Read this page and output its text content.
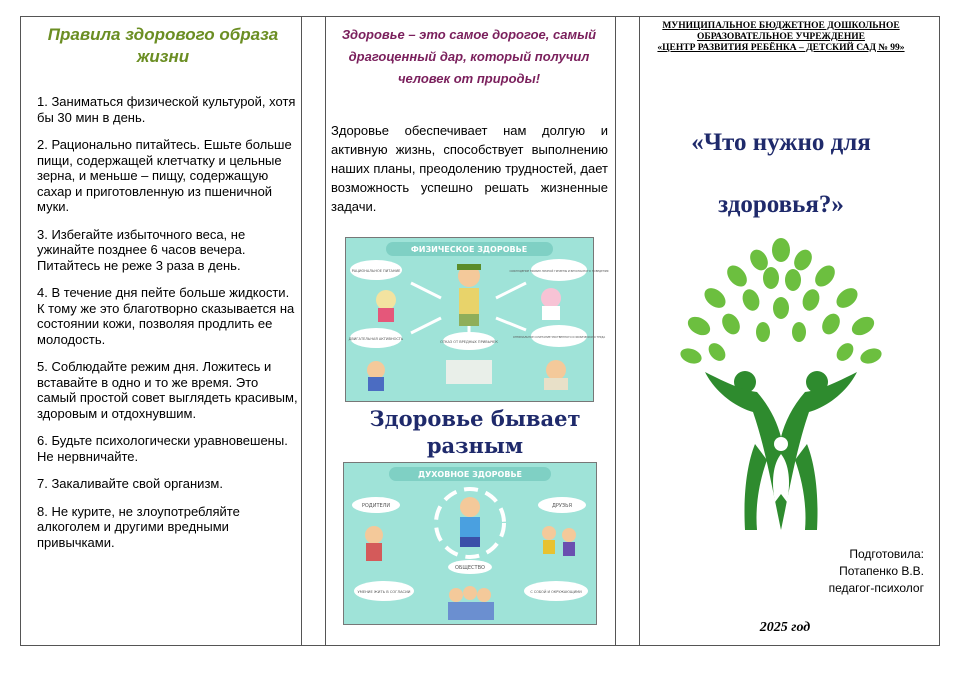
Правила здорового образа жизни

1. Заниматься физической культурой, хотя бы 30 мин в день.

2. Рационально питайтесь. Ешьте больше пищи, содержащей клетчатку и цельные зерна, и меньше – пищу, содержащую сахар и приготовленную из пшеничной муки.

3. Избегайте избыточного веса, не ужинайте позднее 6 часов вечера. Питайтесь не реже 3 раза в день.

4. В течение дня пейте больше жидкости. К тому же это благотворно сказывается на состоянии кожи, позволяя продлить ее молодость.

5. Соблюдайте режим дня. Ложитесь и вставайте в одно и то же время. Это самый простой совет выглядеть красивым, здоровым и отдохнувшим.

6. Будьте психологически уравновешены. Не нервничайте.

7. Закаливайте свой организм.

8. Не курите, не злоупотребляйте алкоголем и другими вредными привычками.

Здоровье – это самое дорогое, самый драгоценный дар, который получил человек от природы!
Здоровье обеспечивает нам долгую и активную жизнь, способствует выполнению наших планы, преодолению трудностей, дает возможность успешно решать жизненные задачи.
ФИЗИЧЕСКОЕ ЗДОРОВЬЕ
РАЦИОНАЛЬНОЕ ПИТАНИЕ	СОБЛЮДЕНИЕ ПРАВИЛ ЛИЧНОЙ ГИГИЕНЫ И БЕЗОПАСНОГО ПОВЕДЕНИЯ
ДВИГАТЕЛЬНАЯ АКТИВНОСТЬ
ОТКАЗ ОТ ВРЕДНЫХ ПРИВЫЧЕК
ОПТИМАЛЬНОЕ СОЧЕТАНИЕ УМСТВЕННОГО И ФИЗИЧЕСКОГО ТРУДА
Здоровье бывает разным
ДУХОВНОЕ ЗДОРОВЬЕ
РОДИТЕЛИ	ДРУЗЬЯ
ОБЩЕСТВО
УМЕНИЕ ЖИТЬ В СОГЛАСИИ	С СОБОЙ И ОКРУЖАЮЩИМИ
МУНИЦИПАЛЬНОЕ БЮДЖЕТНОЕ ДОШКОЛЬНОЕ
ОБРАЗОВАТЕЛЬНОЕ УЧРЕЖДЕНИЕ
«ЦЕНТР РАЗВИТИЯ РЕБЁНКА – ДЕТСКИЙ САД № 99»
«Что нужно для
здоровья?»
Подготовила:
Потапенко В.В.
педагог-психолог
2025 год
